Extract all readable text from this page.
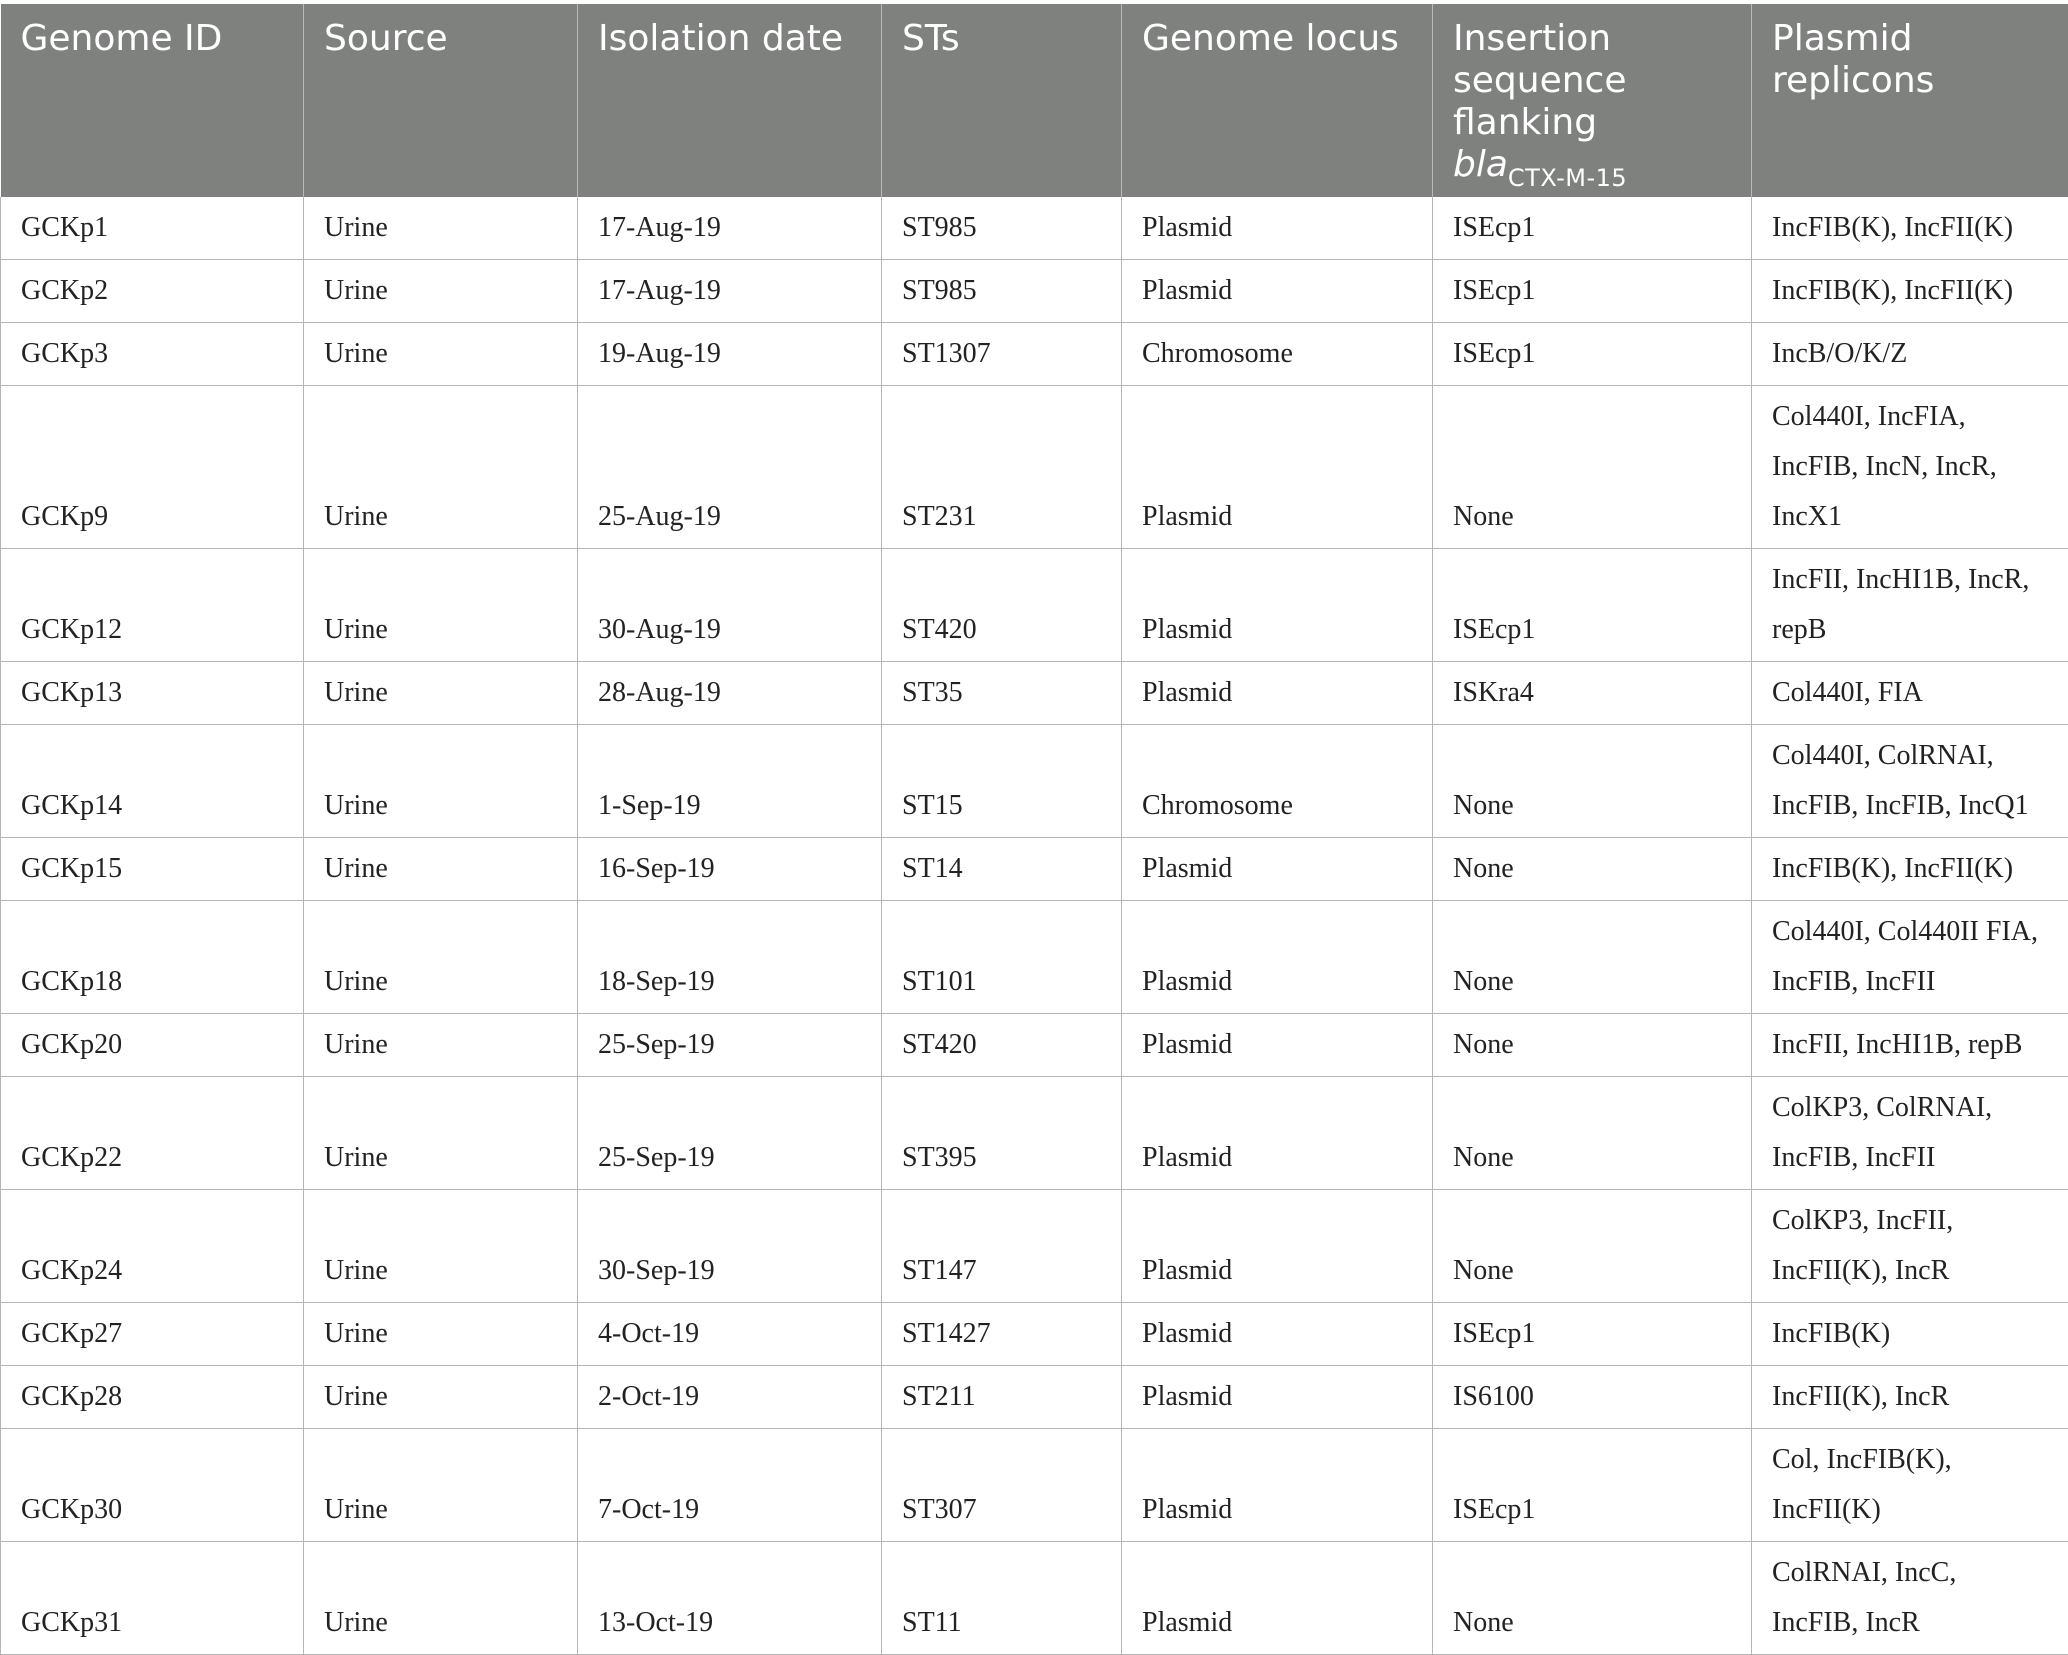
Genome ID	Source	Isolation date	STs	Genome locus	Insertion
sequence
flanking
bla$_{CTX-M-15}$	Plasmid
replicons

GCKp1	Urine	17-Aug-19	ST985	Plasmid	ISEcp1	IncFIB(K), IncFII(K)

GCKp2	Urine	17-Aug-19	ST985	Plasmid	ISEcp1	IncFIB(K), IncFII(K)

GCKp3	Urine	19-Aug-19	ST1307	Chromosome	ISEcp1	IncB/O/K/Z

GCKp9	Urine	25-Aug-19	ST231	Plasmid	None	Col440I, IncFIA,
IncFIB, IncN, IncR,
IncX1

GCKp12	Urine	30-Aug-19	ST420	Plasmid	ISEcp1	IncFII, IncHI1B, IncR,
repB

GCKp13	Urine	28-Aug-19	ST35	Plasmid	ISKra4	Col440I, FIA

GCKp14	Urine	1-Sep-19	ST15	Chromosome	None	Col440I, ColRNAI,
IncFIB, IncFIB, IncQ1

GCKp15	Urine	16-Sep-19	ST14	Plasmid	None	IncFIB(K), IncFII(K)

GCKp18	Urine	18-Sep-19	ST101	Plasmid	None	Col440I, Col440II FIA,
IncFIB, IncFII

GCKp20	Urine	25-Sep-19	ST420	Plasmid	None	IncFII, IncHI1B, repB

GCKp22	Urine	25-Sep-19	ST395	Plasmid	None	ColKP3, ColRNAI,
IncFIB, IncFII

GCKp24	Urine	30-Sep-19	ST147	Plasmid	None	ColKP3, IncFII,
IncFII(K), IncR

GCKp27	Urine	4-Oct-19	ST1427	Plasmid	ISEcp1	IncFIB(K)

GCKp28	Urine	2-Oct-19	ST211	Plasmid	IS6100	IncFII(K), IncR

GCKp30	Urine	7-Oct-19	ST307	Plasmid	ISEcp1	Col, IncFIB(K),
IncFII(K)

GCKp31	Urine	13-Oct-19	ST11	Plasmid	None	ColRNAI, IncC,
IncFIB, IncR
